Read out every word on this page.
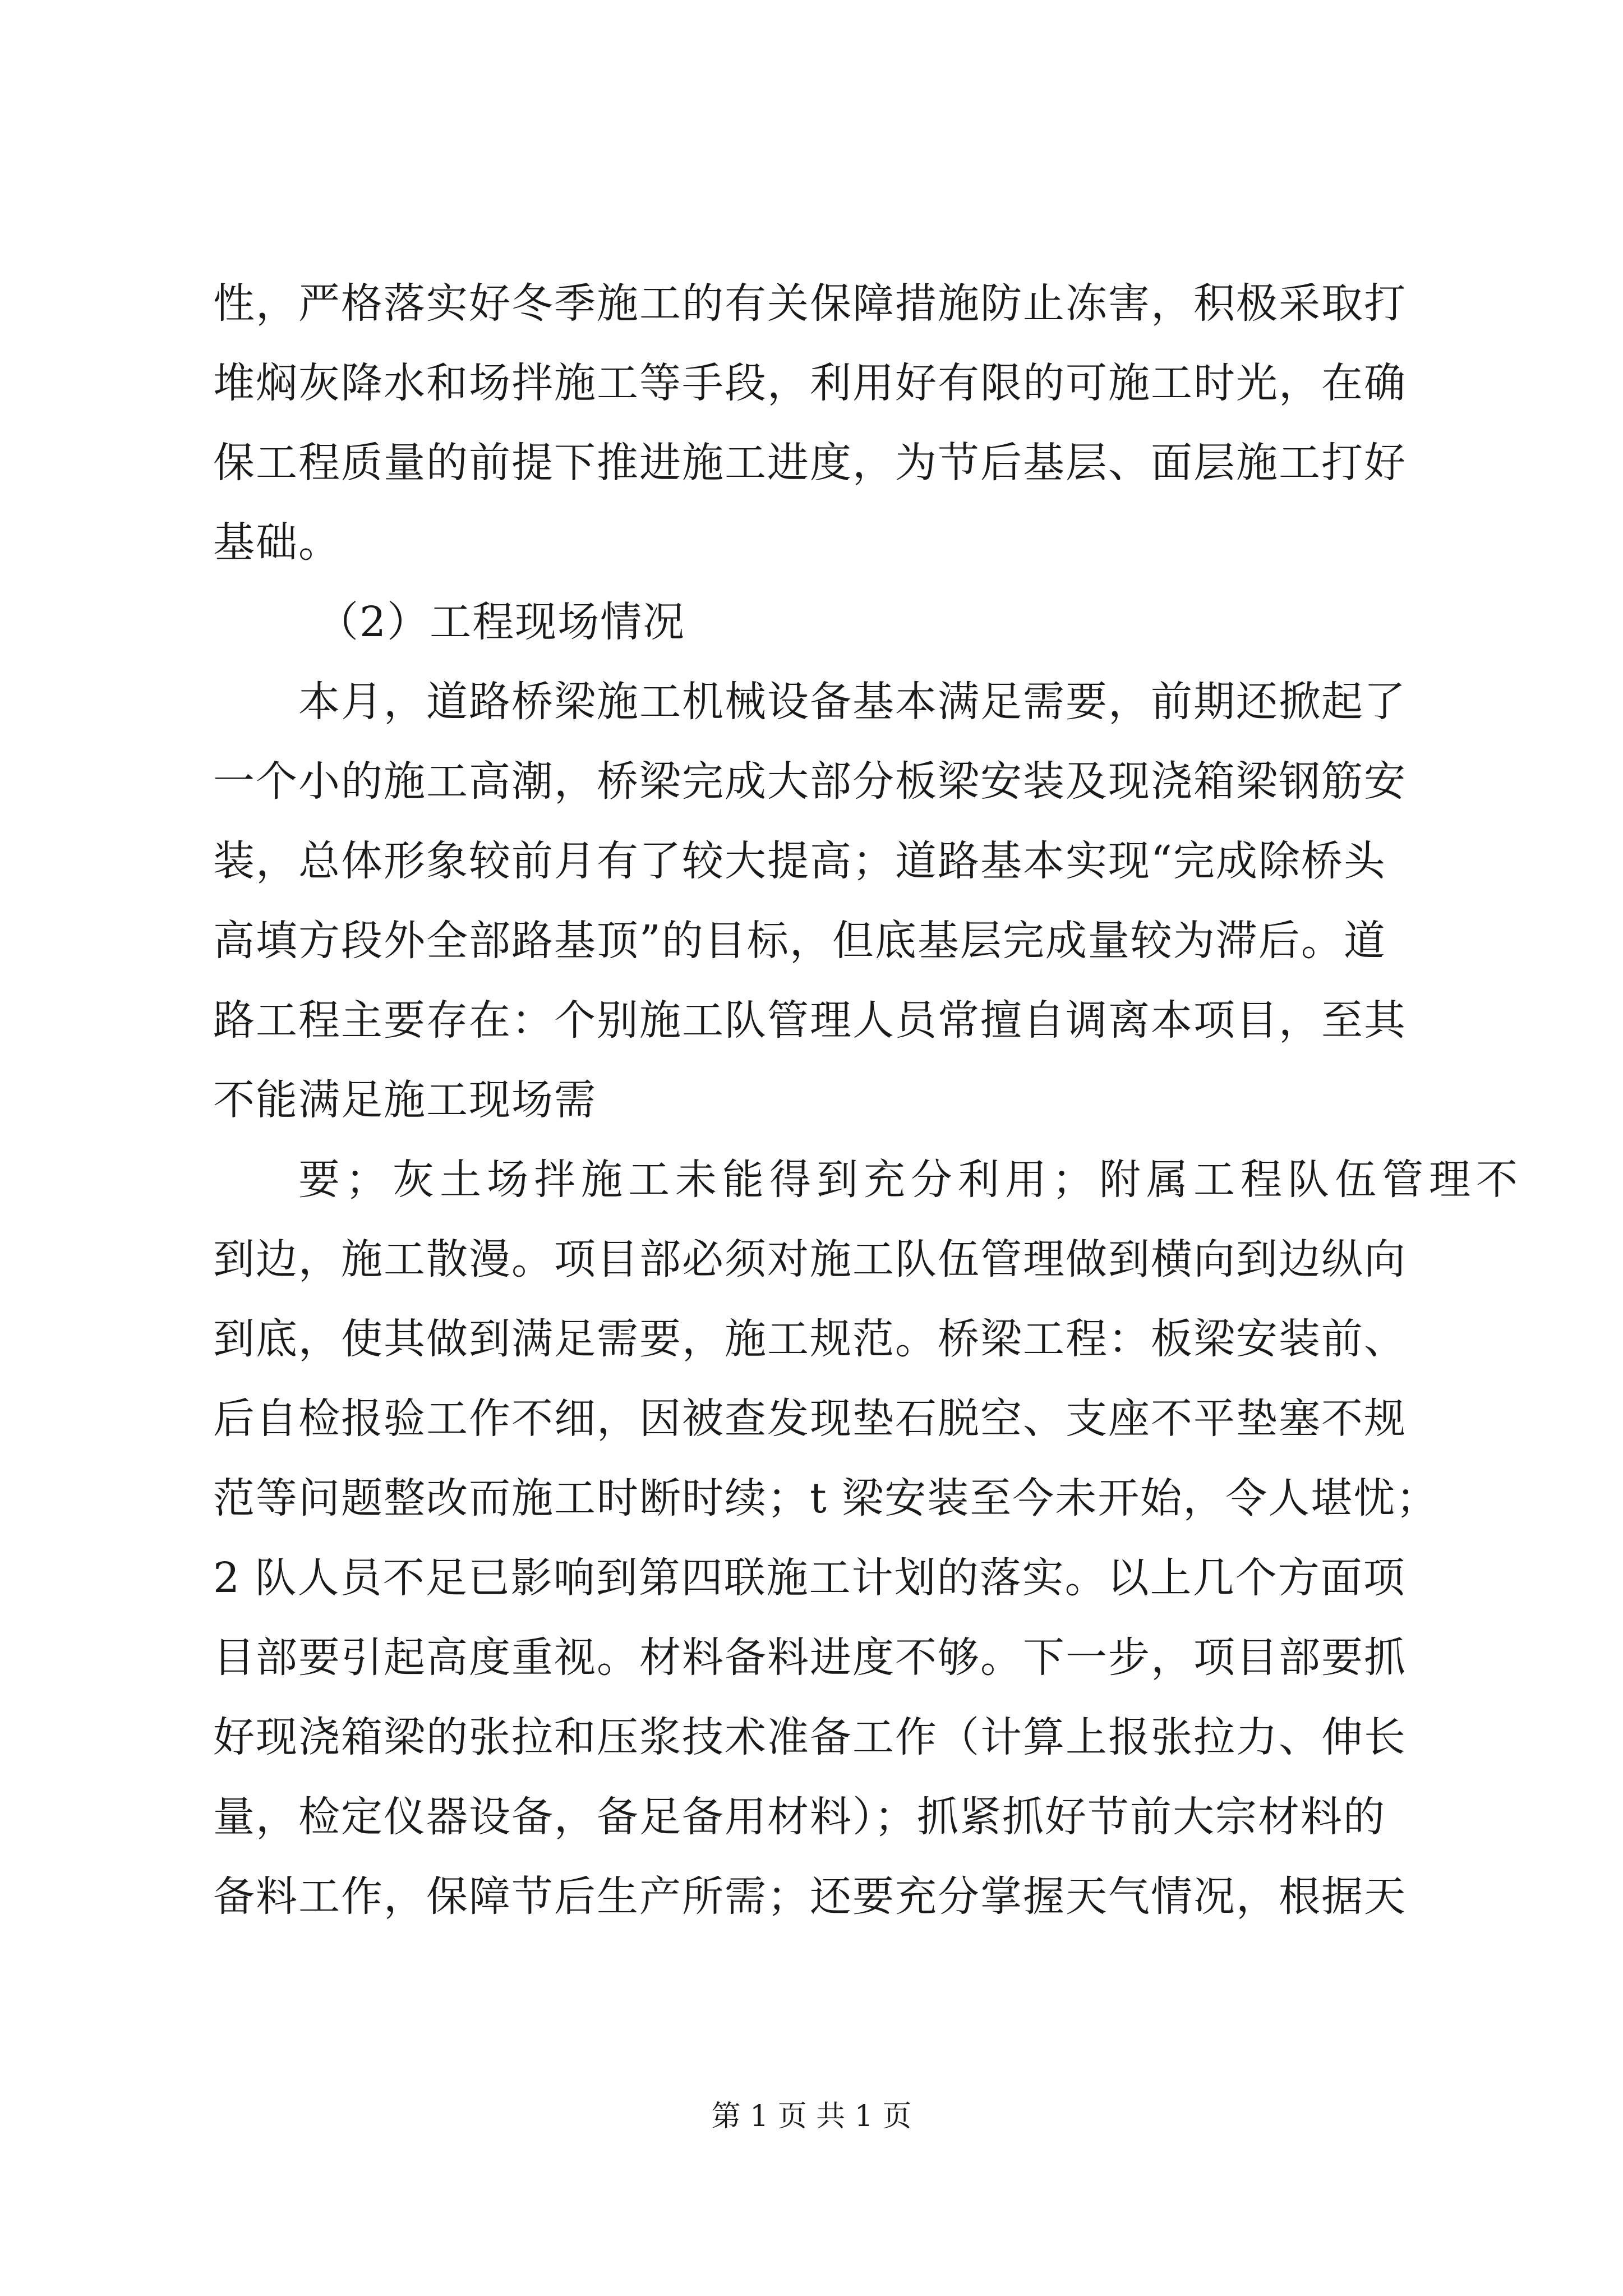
性，严格落实好冬季施工的有关保障措施防止冻害，积极采取打
堆焖灰降水和场拌施工等手段，利用好有限的可施工时光，在确
保工程质量的前提下推进施工进度，为节后基层、面层施工打好
基础。
（2）工程现场情况
本月，道路桥梁施工机械设备基本满足需要，前期还掀起了
一个小的施工高潮，桥梁完成大部分板梁安装及现浇箱梁钢筋安
装，总体形象较前月有了较大提高；道路基本实现“完成除桥头
高填方段外全部路基顶”的目标，但底基层完成量较为滞后。道
路工程主要存在：个别施工队管理人员常擅自调离本项目，至其
不能满足施工现场需
要；灰土场拌施工未能得到充分利用；附属工程队伍管理不
到边，施工散漫。项目部必须对施工队伍管理做到横向到边纵向
到底，使其做到满足需要，施工规范。桥梁工程：板梁安装前、
后自检报验工作不细，因被查发现垫石脱空、支座不平垫塞不规
范等问题整改而施工时断时续；t 梁安装至今未开始，令人堪忧；
2 队人员不足已影响到第四联施工计划的落实。以上几个方面项
目部要引起高度重视。材料备料进度不够。下一步，项目部要抓
好现浇箱梁的张拉和压浆技术准备工作（计算上报张拉力、伸长
量，检定仪器设备，备足备用材料）；抓紧抓好节前大宗材料的
备料工作，保障节后生产所需；还要充分掌握天气情况，根据天
第 1 页 共 1 页
